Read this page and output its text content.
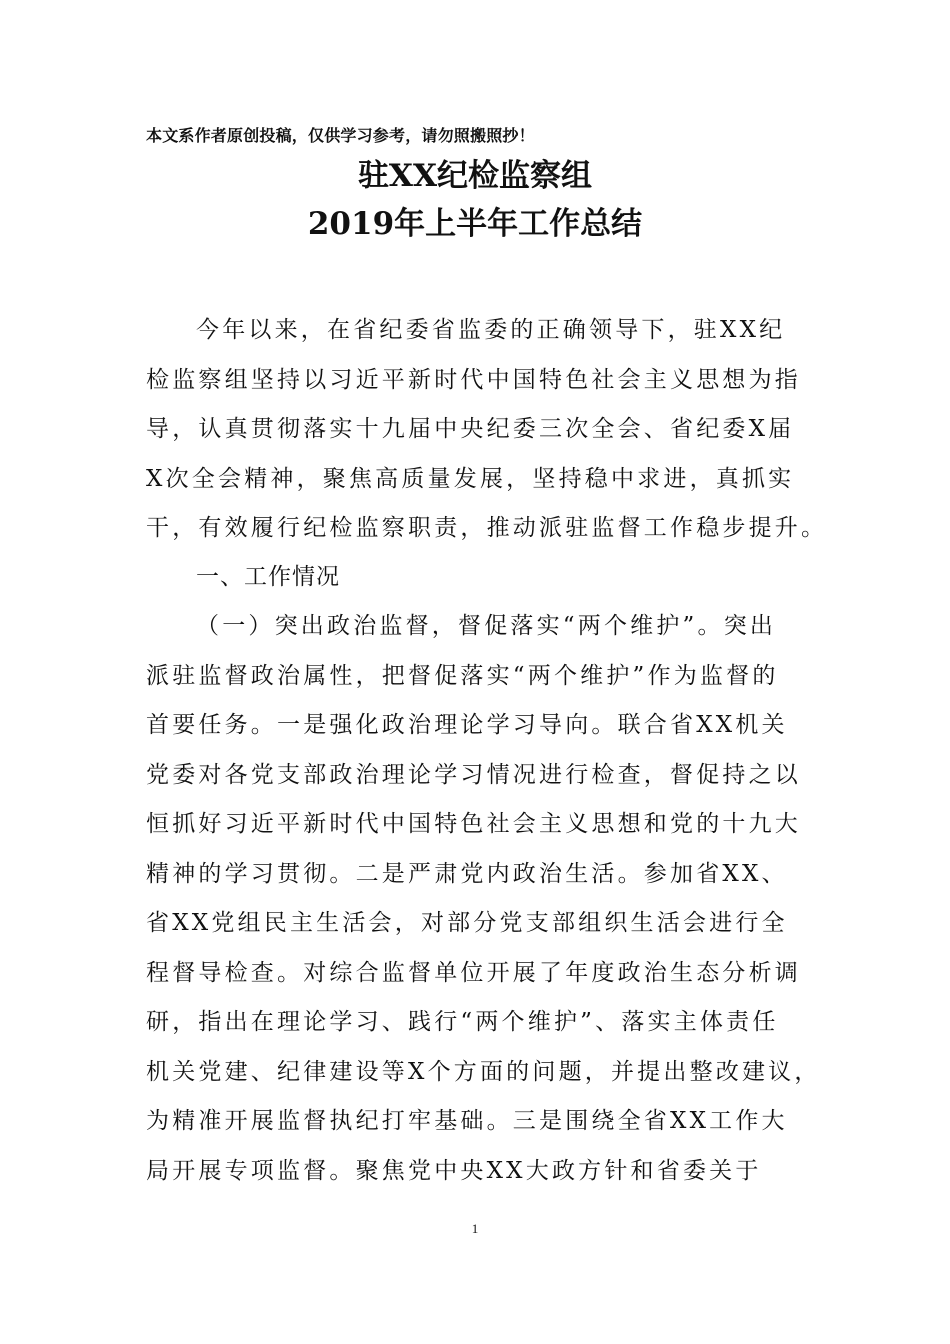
本文系作者原创投稿，仅供学习参考，请勿照搬照抄！
驻XX纪检监察组
2019年上半年工作总结
今年以来，在省纪委省监委的正确领导下，驻XX纪
检监察组坚持以习近平新时代中国特色社会主义思想为指
导，认真贯彻落实十九届中央纪委三次全会、省纪委X届
X次全会精神，聚焦高质量发展，坚持稳中求进，真抓实
干，有效履行纪检监察职责，推动派驻监督工作稳步提升。
一、工作情况
（一）突出政治监督，督促落实“两个维护”。突出
派驻监督政治属性，把督促落实“两个维护”作为监督的
首要任务。一是强化政治理论学习导向。联合省XX机关
党委对各党支部政治理论学习情况进行检查，督促持之以
恒抓好习近平新时代中国特色社会主义思想和党的十九大
精神的学习贯彻。二是严肃党内政治生活。参加省XX、
省XX党组民主生活会，对部分党支部组织生活会进行全
程督导检查。对综合监督单位开展了年度政治生态分析调
研，指出在理论学习、践行“两个维护”、落实主体责任
机关党建、纪律建设等X个方面的问题，并提出整改建议，
为精准开展监督执纪打牢基础。三是围绕全省XX工作大
局开展专项监督。聚焦党中央XX大政方针和省委关于
1
